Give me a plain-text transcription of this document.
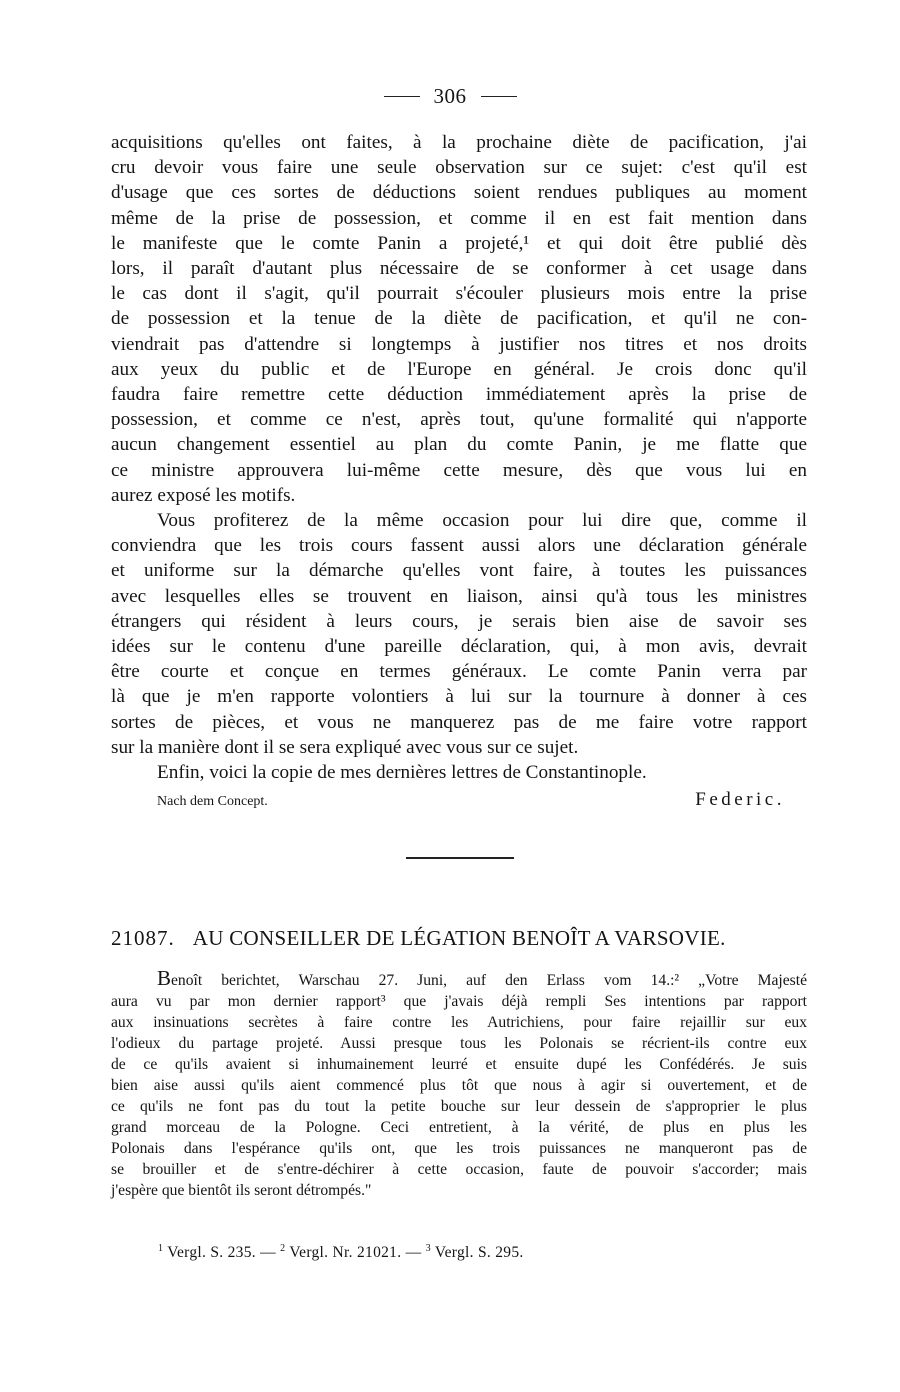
306
acquisitions qu'elles ont faites, à la prochaine diète de pacification, j'ai
cru devoir vous faire une seule observation sur ce sujet: c'est qu'il est
d'usage que ces sortes de déductions soient rendues publiques au moment
même de la prise de possession, et comme il en est fait mention dans
le manifeste que le comte Panin a projeté,¹ et qui doit être publié dès
lors, il paraît d'autant plus nécessaire de se conformer à cet usage dans
le cas dont il s'agit, qu'il pourrait s'écouler plusieurs mois entre la prise
de possession et la tenue de la diète de pacification, et qu'il ne con-
viendrait pas d'attendre si longtemps à justifier nos titres et nos droits
aux yeux du public et de l'Europe en général. Je crois donc qu'il
faudra faire remettre cette déduction immédiatement après la prise de
possession, et comme ce n'est, après tout, qu'une formalité qui n'apporte
aucun changement essentiel au plan du comte Panin, je me flatte que
ce ministre approuvera lui-même cette mesure, dès que vous lui en
aurez exposé les motifs.
Vous profiterez de la même occasion pour lui dire que, comme il
conviendra que les trois cours fassent aussi alors une déclaration générale
et uniforme sur la démarche qu'elles vont faire, à toutes les puissances
avec lesquelles elles se trouvent en liaison, ainsi qu'à tous les ministres
étrangers qui résident à leurs cours, je serais bien aise de savoir ses
idées sur le contenu d'une pareille déclaration, qui, à mon avis, devrait
être courte et conçue en termes généraux. Le comte Panin verra par
là que je m'en rapporte volontiers à lui sur la tournure à donner à ces
sortes de pièces, et vous ne manquerez pas de me faire votre rapport
sur la manière dont il se sera expliqué avec vous sur ce sujet.
Enfin, voici la copie de mes dernières lettres de Constantinople.
Nach dem Concept.	Federic.
21087. AU CONSEILLER DE LÉGATION BENOÎT A VARSOVIE.
Benoît berichtet, Warschau 27. Juni, auf den Erlass vom 14.:² „Votre Majesté
aura vu par mon dernier rapport³ que j'avais déjà rempli Ses intentions par rapport
aux insinuations secrètes à faire contre les Autrichiens, pour faire rejaillir sur eux
l'odieux du partage projeté. Aussi presque tous les Polonais se récrient-ils contre eux
de ce qu'ils avaient si inhumainement leurré et ensuite dupé les Confédérés. Je suis
bien aise aussi qu'ils aient commencé plus tôt que nous à agir si ouvertement, et de
ce qu'ils ne font pas du tout la petite bouche sur leur dessein de s'approprier le plus
grand morceau de la Pologne. Ceci entretient, à la vérité, de plus en plus les
Polonais dans l'espérance qu'ils ont, que les trois puissances ne manqueront pas de
se brouiller et de s'entre-déchirer à cette occasion, faute de pouvoir s'accorder; mais
j'espère que bientôt ils seront détrompés."
$^1$ Vergl. S. 235. — $^2$ Vergl. Nr. 21021. — $^3$ Vergl. S. 295.
